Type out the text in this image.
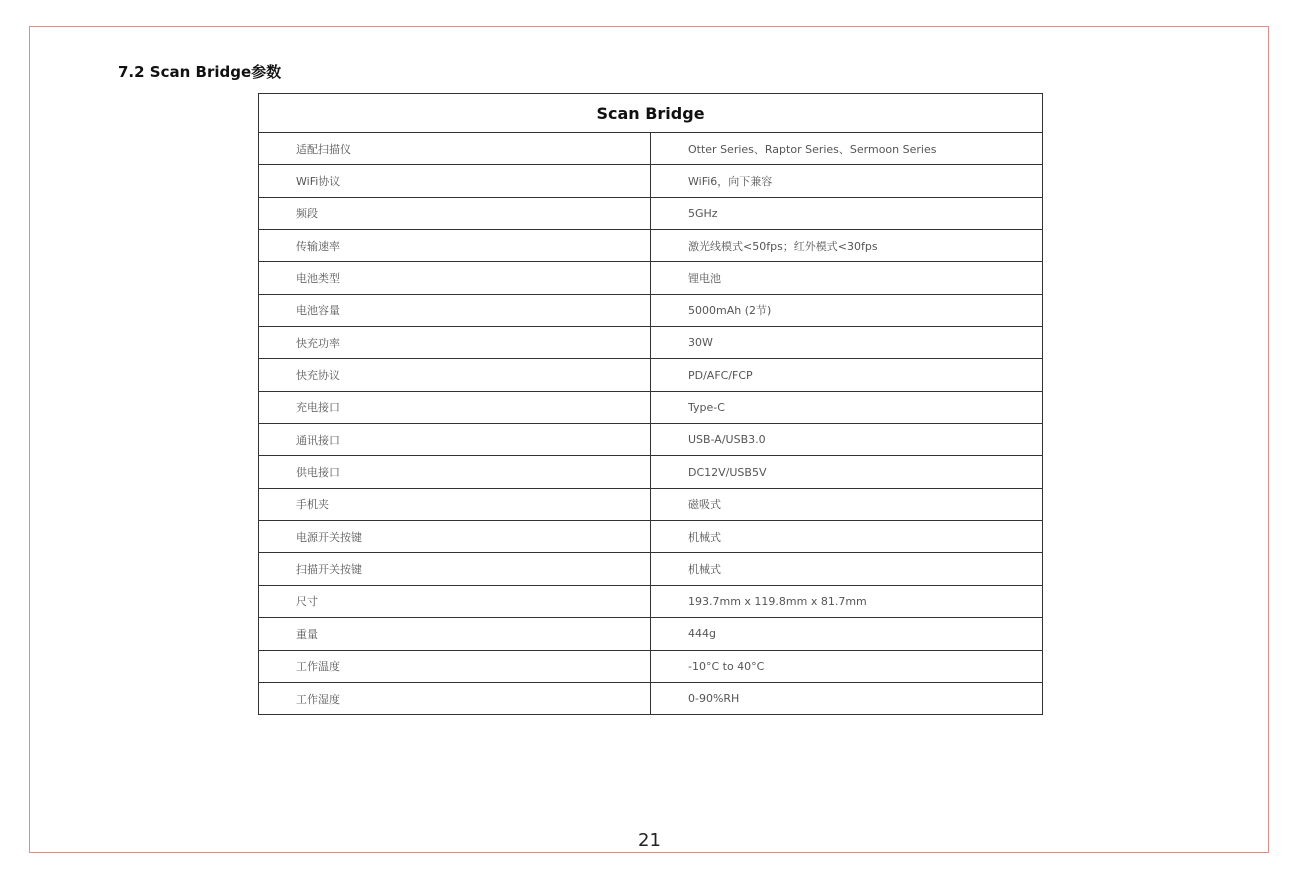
7.2 Scan Bridge参数
Scan Bridge	
适配扫描仪	Otter Series、Raptor Series、Sermoon Series
WiFi协议	WiFi6，向下兼容
频段	5GHz
传输速率	激光线模式<50fps；红外模式<30fps
电池类型	锂电池
电池容量	5000mAh (2节)
快充功率	30W
快充协议	PD/AFC/FCP
充电接口	Type-C
通讯接口	USB-A/USB3.0
供电接口	DC12V/USB5V
手机夹	磁吸式
电源开关按键	机械式
扫描开关按键	机械式
尺寸	193.7mm x 119.8mm x 81.7mm
重量	444g
工作温度	-10°C to 40°C
工作湿度	0-90%RH
21
